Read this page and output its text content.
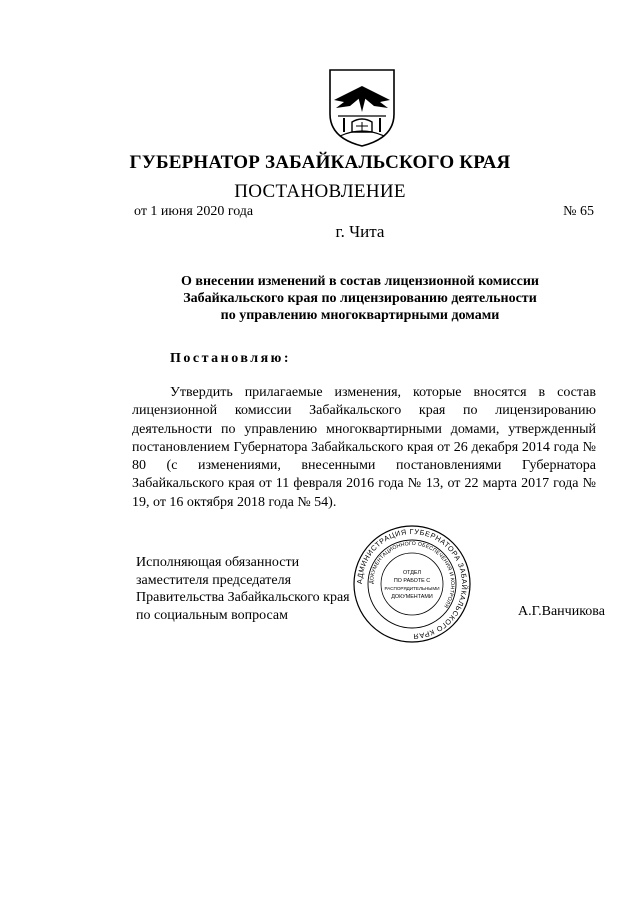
ГУБЕРНАТОР ЗАБАЙКАЛЬСКОГО КРАЯ
ПОСТАНОВЛЕНИЕ
от 1 июня 2020 года	№ 65
г. Чита
О внесении изменений в состав лицензионной комиссии
Забайкальского края по лицензированию деятельности
по управлению многоквартирными домами
Постановляю:
Утвердить прилагаемые изменения, которые вносятся в состав лицензионной комиссии Забайкальского края по лицензированию деятельности по управлению многоквартирными домами, утвержденный постановлением Губернатора Забайкальского края от 26 декабря 2014 года № 80 (с изменениями, внесенными постановлениями Губернатора Забайкальского края от 11 февраля 2016 года № 13, от 22 марта 2017 года № 19, от 16 октября 2018 года № 54).
Исполняющая обязанности
заместителя председателя
Правительства Забайкальского края
по социальным вопросам
АДМИНИСТРАЦИЯ ГУБЕРНАТОРА ЗАБАЙКАЛЬСКОГО КРАЯ
ДОКУМЕНТАЦИОННОГО ОБЕСПЕЧЕНИЯ И КОНТРОЛЯ
ОТДЕЛ
ПО РАБОТЕ С
РАСПОРЯДИТЕЛЬНЫМИ
ДОКУМЕНТАМИ
А.Г.Ванчикова
